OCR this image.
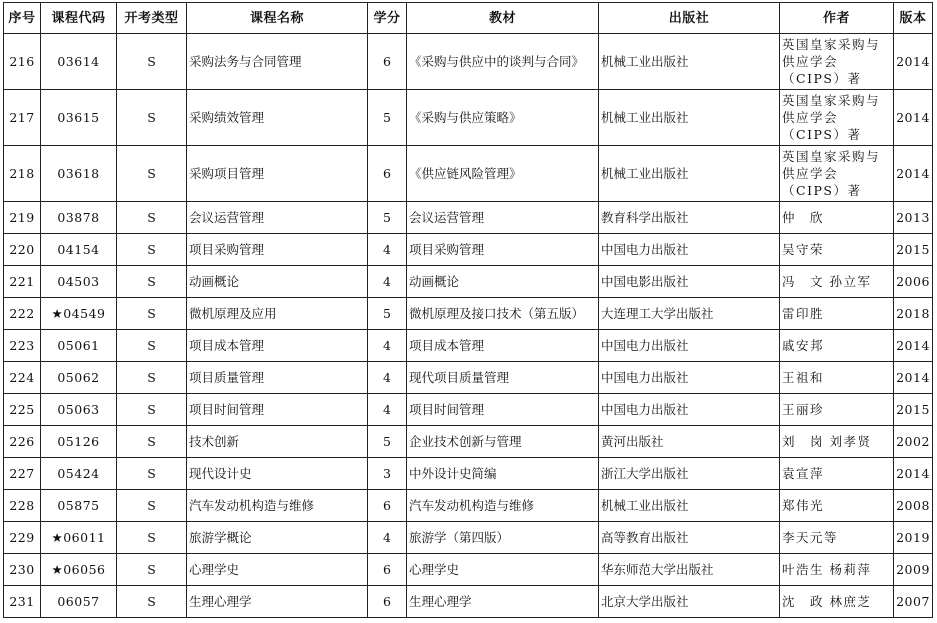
序号	课程代码	开考类型	课程名称	学分	教材	出版社	作者	版本
216	03614	S	采购法务与合同管理	6	《采购与供应中的谈判与合同》	机械工业出版社	英国皇家采购与供应学会（CIPS）著	2014
217	03615	S	采购绩效管理	5	《采购与供应策略》	机械工业出版社	英国皇家采购与供应学会（CIPS）著	2014
218	03618	S	采购项目管理	6	《供应链风险管理》	机械工业出版社	英国皇家采购与供应学会（CIPS）著	2014
219	03878	S	会议运营管理	5	会议运营管理	教育科学出版社	仲　欣	2013
220	04154	S	项目采购管理	4	项目采购管理	中国电力出版社	吴守荣	2015
221	04503	S	动画概论	4	动画概论	中国电影出版社	冯　文 孙立军	2006
222	★04549	S	微机原理及应用	5	微机原理及接口技术（第五版）	大连理工大学出版社	雷印胜	2018
223	05061	S	项目成本管理	4	项目成本管理	中国电力出版社	戚安邦	2014
224	05062	S	项目质量管理	4	现代项目质量管理	中国电力出版社	王祖和	2014
225	05063	S	项目时间管理	4	项目时间管理	中国电力出版社	王丽珍	2015
226	05126	S	技术创新	5	企业技术创新与管理	黄河出版社	刘　岗 刘孝贤	2002
227	05424	S	现代设计史	3	中外设计史简编	浙江大学出版社	袁宣萍	2014
228	05875	S	汽车发动机构造与维修	6	汽车发动机构造与维修	机械工业出版社	郑伟光	2008
229	★06011	S	旅游学概论	4	旅游学（第四版）	高等教育出版社	李天元等	2019
230	★06056	S	心理学史	6	心理学史	华东师范大学出版社	叶浩生 杨莉萍	2009
231	06057	S	生理心理学	6	生理心理学	北京大学出版社	沈　政 林庶芝	2007
